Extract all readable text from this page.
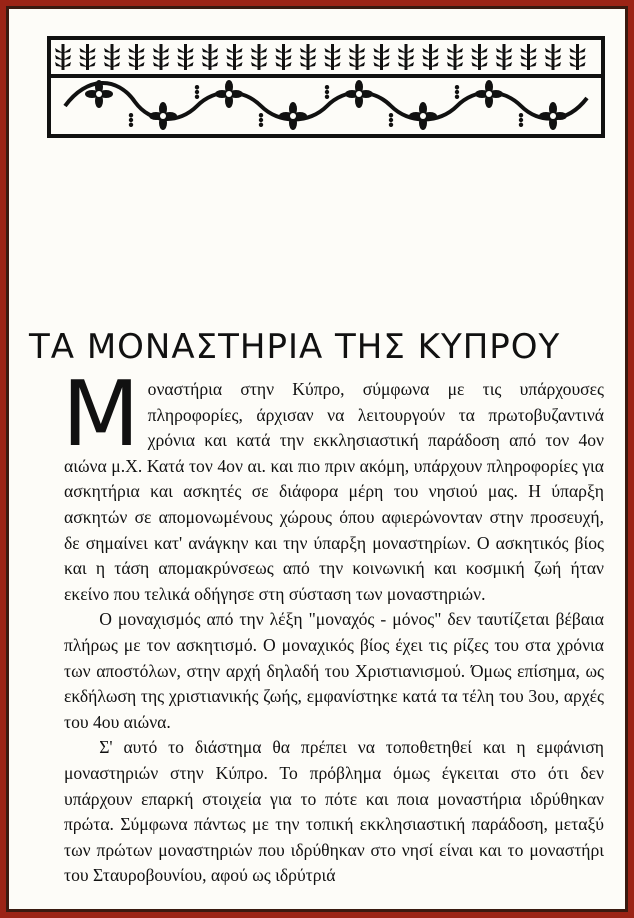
ΤΑ ΜΟΝΑΣΤΗΡΙΑ ΤΗΣ ΚΥΠΡΟΥ

Μοναστήρια στην Κύπρο, σύμφωνα με τις υπάρχουσες πληροφορίες, άρχισαν να λειτουργούν τα πρωτοβυζαντινά χρόνια και κατά την εκκλησιαστική παράδοση από τον 4ον αιώνα μ.Χ. Κατά τον 4ον αι. και πιο πριν ακόμη, υπάρχουν πληροφορίες για ασκητήρια και ασκητές σε διάφορα μέρη του νησιού μας. Η ύπαρξη ασκητών σε απομονωμένους χώρους όπου αφιερώνονταν στην προσευχή, δε σημαίνει κατ' ανάγκην και την ύπαρξη μοναστηρίων. Ο ασκητικός βίος και η τάση απομακρύνσεως από την κοινωνική και κοσμική ζωή ήταν εκείνο που τελικά οδήγησε στη σύσταση των μοναστηριών.

Ο μοναχισμός από την λέξη "μοναχός - μόνος" δεν ταυτίζεται βέβαια πλήρως με τον ασκητισμό. Ο μοναχικός βίος έχει τις ρίζες του στα χρόνια των αποστόλων, στην αρχή δηλαδή του Χριστιανισμού. Όμως επίσημα, ως εκδήλωση της χριστιανικής ζωής, εμφανίστηκε κατά τα τέλη του 3ου, αρχές του 4ου αιώνα.

Σ' αυτό το διάστημα θα πρέπει να τοποθετηθεί και η εμφάνιση μοναστηριών στην Κύπρο. Το πρόβλημα όμως έγκειται στο ότι δεν υπάρχουν επαρκή στοιχεία για το πότε και ποια μοναστήρια ιδρύθηκαν πρώτα. Σύμφωνα πάντως με την τοπική εκκλησιαστική παράδοση, μεταξύ των πρώτων μοναστηριών που ιδρύθηκαν στο νησί είναι και το μοναστήρι του Σταυροβουνίου, αφού ως ιδρύτριά
